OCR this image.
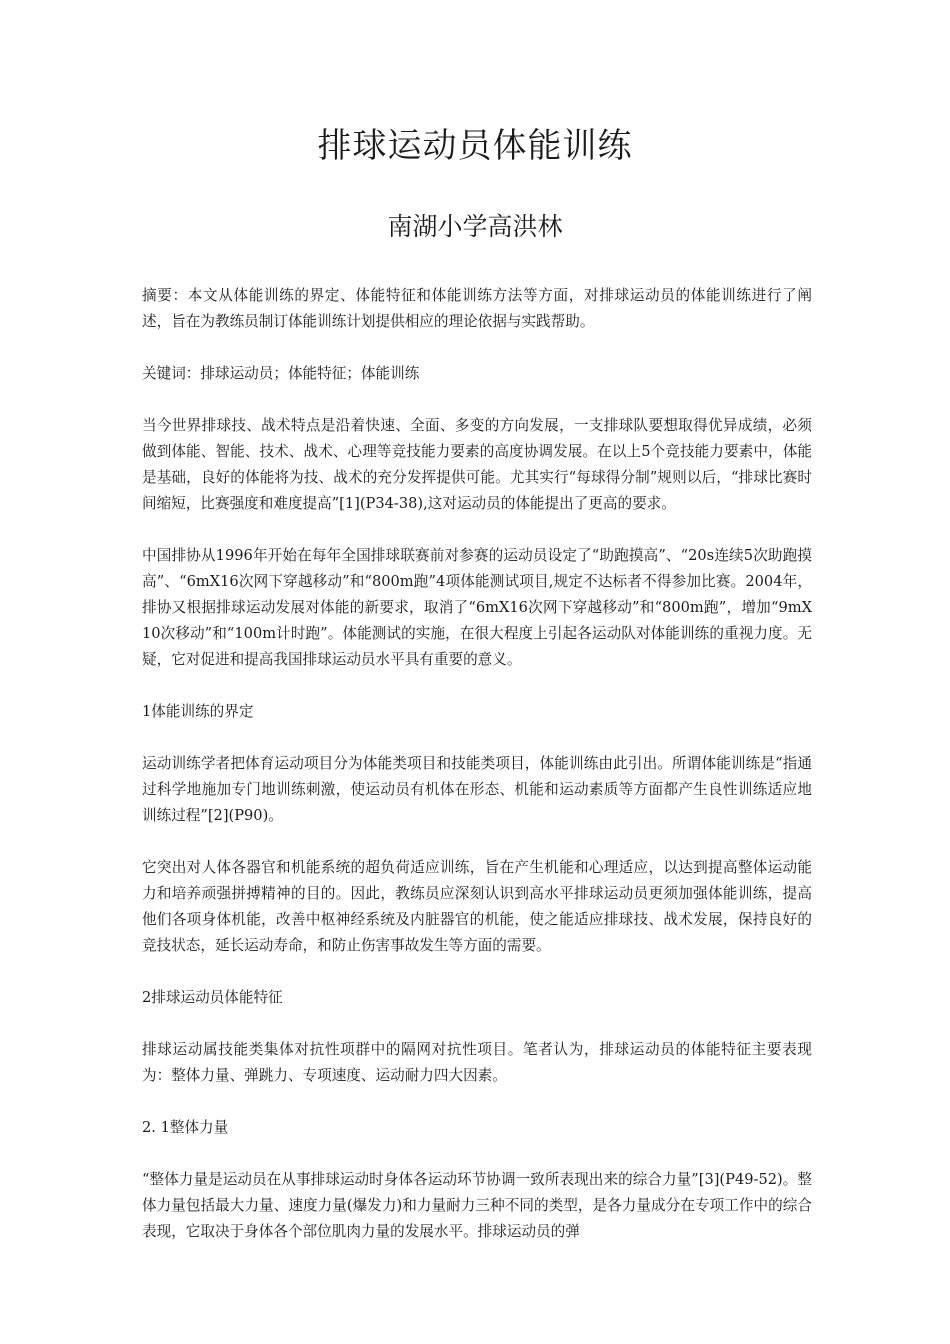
排球运动员体能训练
南湖小学高洪林

摘要：本文从体能训练的界定、体能特征和体能训练方法等方面，对排球运动员的体能训练进行了阐述，旨在为教练员制订体能训练计划提供相应的理论依据与实践帮助。

关键词：排球运动员；体能特征；体能训练

当今世界排球技、战术特点是沿着快速、全面、多变的方向发展，一支排球队要想取得优异成绩，必须做到体能、智能、技术、战术、心理等竞技能力要素的高度协调发展。在以上5个竞技能力要素中，体能是基础，良好的体能将为技、战术的充分发挥提供可能。尤其实行“每球得分制”规则以后，“排球比赛时间缩短，比赛强度和难度提高”[1](P34-38),这对运动员的体能提出了更高的要求。

中国排协从1996年开始在每年全国排球联赛前对参赛的运动员设定了“助跑摸高”、“20s连续5次助跑摸高”、“6mX16次网下穿越移动”和“800m跑”4项体能测试项目,规定不达标者不得参加比赛。2004年，排协又根据排球运动发展对体能的新要求，取消了“6mX16次网下穿越移动”和“800m跑”，增加“9mX10次移动”和“100m计时跑”。体能测试的实施，在很大程度上引起各运动队对体能训练的重视力度。无疑，它对促进和提高我国排球运动员水平具有重要的意义。

1体能训练的界定

运动训练学者把体育运动项目分为体能类项目和技能类项目，体能训练由此引出。所谓体能训练是“指通过科学地施加专门地训练刺激，使运动员有机体在形态、机能和运动素质等方面都产生良性训练适应地训练过程”[2](P90)。

它突出对人体各器官和机能系统的超负荷适应训练，旨在产生机能和心理适应，以达到提高整体运动能力和培养顽强拼搏精神的目的。因此，教练员应深刻认识到高水平排球运动员更须加强体能训练，提高他们各项身体机能，改善中枢神经系统及内脏器官的机能，使之能适应排球技、战术发展，保持良好的竞技状态，延长运动寿命，和防止伤害事故发生等方面的需要。

2排球运动员体能特征

排球运动属技能类集体对抗性项群中的隔网对抗性项目。笔者认为，排球运动员的体能特征主要表现为：整体力量、弹跳力、专项速度、运动耐力四大因素。

2. 1整体力量

“整体力量是运动员在从事排球运动时身体各运动环节协调一致所表现出来的综合力量”[3](P49-52)。整体力量包括最大力量、速度力量(爆发力)和力量耐力三种不同的类型，是各力量成分在专项工作中的综合表现，它取决于身体各个部位肌肉力量的发展水平。排球运动员的弹
